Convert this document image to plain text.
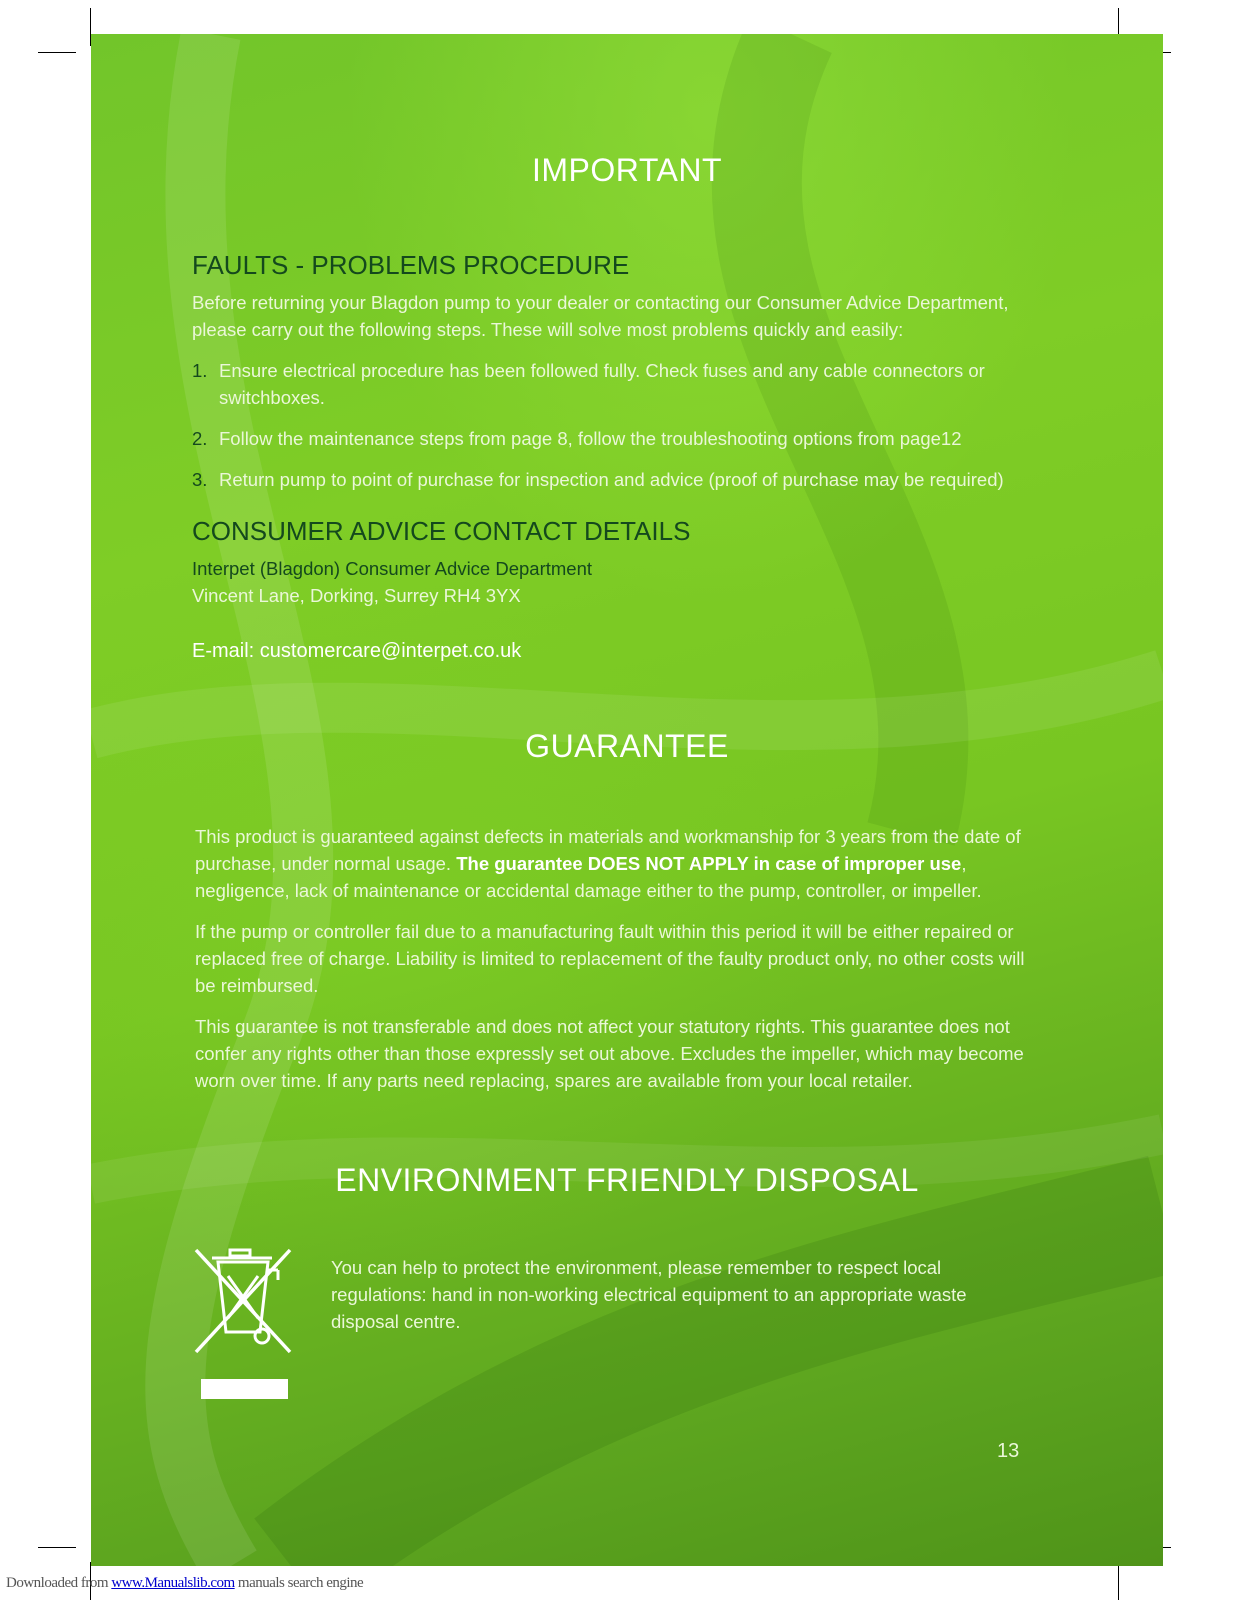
IMPORTANT
FAULTS - PROBLEMS PROCEDURE
Before returning your Blagdon pump to your dealer or contacting our Consumer Advice Department, please carry out the following steps. These will solve most problems quickly and easily:
1. Ensure electrical procedure has been followed fully. Check fuses and any cable connectors or switchboxes.
2. Follow the maintenance steps from page 8, follow the troubleshooting options from page12
3. Return pump to point of purchase for inspection and advice (proof of purchase may be required)
CONSUMER ADVICE CONTACT DETAILS
Interpet (Blagdon) Consumer Advice Department
Vincent Lane, Dorking, Surrey RH4 3YX
E-mail: customercare@interpet.co.uk
GUARANTEE
This product is guaranteed against defects in materials and workmanship for 3 years from the date of purchase, under normal usage. The guarantee DOES NOT APPLY in case of improper use, negligence, lack of maintenance or accidental damage either to the pump, controller, or impeller.
If the pump or controller fail due to a manufacturing fault within this period it will be either repaired or replaced free of charge. Liability is limited to replacement of the faulty product only, no other costs will be reimbursed.
This guarantee is not transferable and does not affect your statutory rights. This guarantee does not confer any rights other than those expressly set out above. Excludes the impeller, which may become worn over time. If any parts need replacing, spares are available from your local retailer.
ENVIRONMENT FRIENDLY DISPOSAL
You can help to protect the environment, please remember to respect local regulations: hand in non-working electrical equipment to an appropriate waste disposal centre.
13
Downloaded from www.Manualslib.com manuals search engine
